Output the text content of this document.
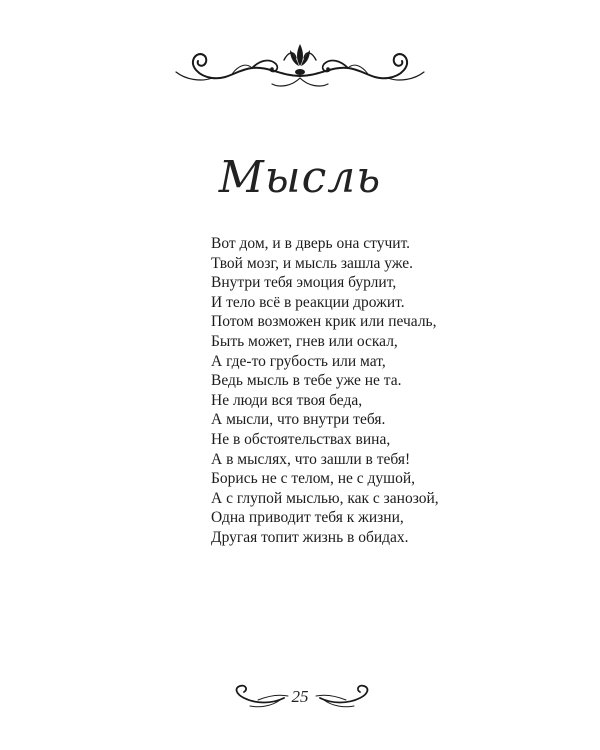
Мысль
Вот дом, и в дверь она стучит.
Твой мозг, и мысль зашла уже.
Внутри тебя эмоция бурлит,
И тело всё в реакции дрожит.
Потом возможен крик или печаль,
Быть может, гнев или оскал,
А где-то грубость или мат,
Ведь мысль в тебе уже не та.
Не люди вся твоя беда,
А мысли, что внутри тебя.
Не в обстоятельствах вина,
А в мыслях, что зашли в тебя!
Борись не с телом, не с душой,
А с глупой мыслью, как с занозой,
Одна приводит тебя к жизни,
Другая топит жизнь в обидах.
25
